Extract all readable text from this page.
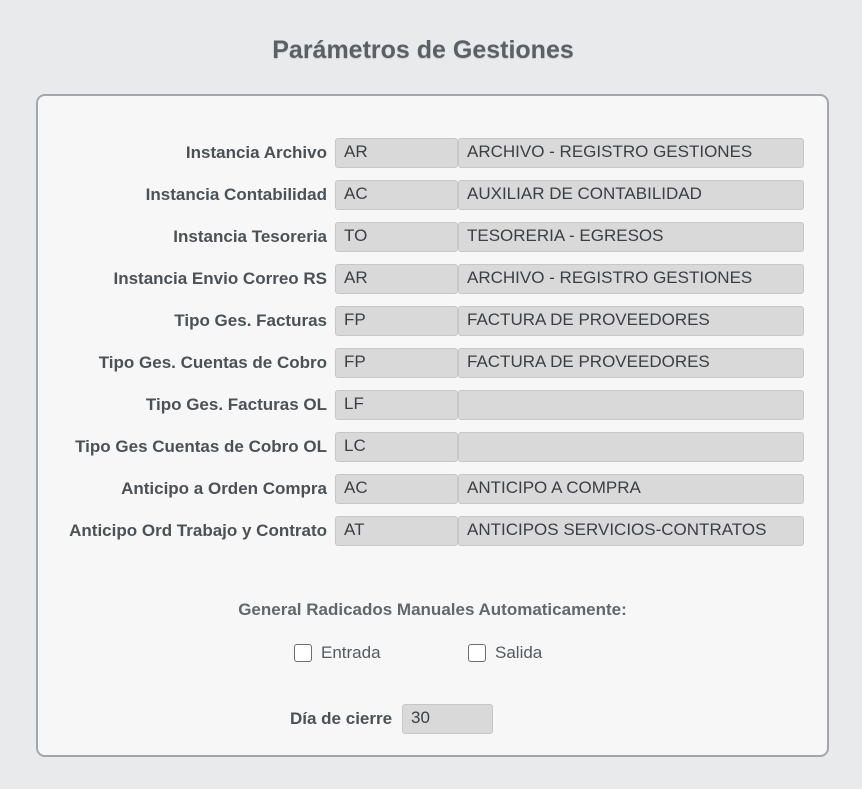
Parámetros de Gestiones
Instancia Archivo	AR	ARCHIVO - REGISTRO GESTIONES
Instancia Contabilidad	AC	AUXILIAR DE CONTABILIDAD
Instancia Tesoreria	TO	TESORERIA - EGRESOS
Instancia Envio Correo RS	AR	ARCHIVO - REGISTRO GESTIONES
Tipo Ges. Facturas	FP	FACTURA DE PROVEEDORES
Tipo Ges. Cuentas de Cobro	FP	FACTURA DE PROVEEDORES
Tipo Ges. Facturas OL	LF
Tipo Ges Cuentas de Cobro OL	LC
Anticipo a Orden Compra	AC	ANTICIPO A COMPRA
Anticipo Ord Trabajo y Contrato	AT	ANTICIPOS SERVICIOS-CONTRATOS
General Radicados Manuales Automaticamente:
Entrada	Salida
Día de cierre	30
